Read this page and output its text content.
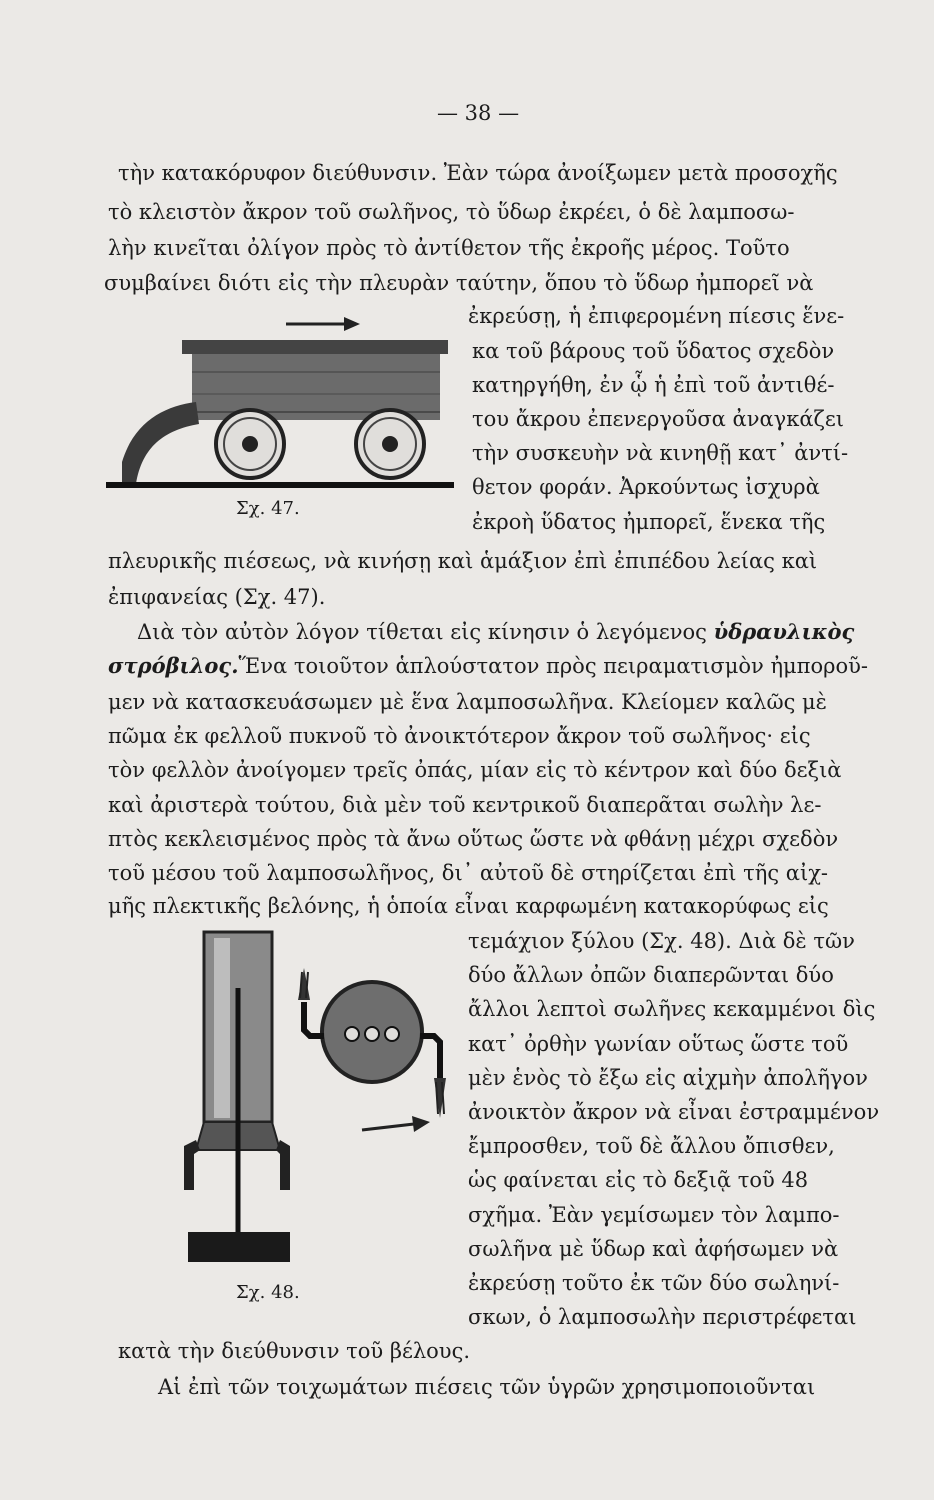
— 38 —
τὴν κατακόρυφον διεύθυνσιν. Ἐὰν τώρα ἀνοίξωμεν μετὰ προσοχῆς
τὸ κλειστὸν ἄκρον τοῦ σωλῆνος, τὸ ὕδωρ ἐκρέει, ὁ δὲ λαμποσω-
λὴν κινεῖται ὀλίγον πρὸς τὸ ἀντίθετον τῆς ἐκροῆς μέρος. Τοῦτο
συμβαίνει διότι εἰς τὴν πλευρὰν ταύτην, ὅπου τὸ ὕδωρ ἠμπορεῖ νὰ
ἐκρεύσῃ, ἡ ἐπιφερομένη πίεσις ἕνε-
κα τοῦ βάρους τοῦ ὕδατος σχεδὸν
κατηργήθη, ἐν ᾧ ἡ ἐπὶ τοῦ ἀντιθέ-
του ἄκρου ἐπενεργοῦσα ἀναγκάζει
τὴν συσκευὴν νὰ κινηθῇ κατ᾽ ἀντί-
θετον φοράν. Ἀρκούντως ἰσχυρὰ
ἐκροὴ ὕδατος ἠμπορεῖ, ἕνεκα τῆς
πλευρικῆς πιέσεως, νὰ κινήσῃ καὶ ἁμάξιον ἐπὶ ἐπιπέδου λείας καὶ
ἐπιφανείας (Σχ. 47).
Διὰ τὸν αὐτὸν λόγον τίθεται εἰς κίνησιν ὁ λεγόμενος ὑδραυλικὸς
στρόβιλος.Ἕνα τοιοῦτον ἁπλούστατον πρὸς πειραματισμὸν ἠμποροῦ-
μεν νὰ κατασκευάσωμεν μὲ ἕνα λαμποσωλῆνα. Κλείομεν καλῶς μὲ
πῶμα ἐκ φελλοῦ πυκνοῦ τὸ ἀνοικτότερον ἄκρον τοῦ σωλῆνος· εἰς
τὸν φελλὸν ἀνοίγομεν τρεῖς ὀπάς, μίαν εἰς τὸ κέντρον καὶ δύο δεξιὰ
καὶ ἀριστερὰ τούτου, διὰ μὲν τοῦ κεντρικοῦ διαπερᾶται σωλὴν λε-
πτὸς κεκλεισμένος πρὸς τὰ ἄνω οὕτως ὥστε νὰ φθάνῃ μέχρι σχεδὸν
τοῦ μέσου τοῦ λαμποσωλῆνος, δι᾽ αὐτοῦ δὲ στηρίζεται ἐπὶ τῆς αἰχ-
μῆς πλεκτικῆς βελόνης, ἡ ὁποία εἶναι καρφωμένη κατακορύφως εἰς
τεμάχιον ξύλου (Σχ. 48). Διὰ δὲ τῶν
δύο ἄλλων ὀπῶν διαπερῶνται δύο
ἄλλοι λεπτοὶ σωλῆνες κεκαμμένοι δὶς
κατ᾽ ὀρθὴν γωνίαν οὕτως ὥστε τοῦ
μὲν ἑνὸς τὸ ἔξω εἰς αἰχμὴν ἀπολῆγον
ἀνοικτὸν ἄκρον νὰ εἶναι ἐστραμμένον
ἔμπροσθεν, τοῦ δὲ ἄλλου ὄπισθεν,
ὡς φαίνεται εἰς τὸ δεξιᾷ τοῦ 48
σχῆμα. Ἐὰν γεμίσωμεν τὸν λαμπο-
σωλῆνα μὲ ὕδωρ καὶ ἀφήσωμεν νὰ
ἐκρεύσῃ τοῦτο ἐκ τῶν δύο σωληνί-
σκων, ὁ λαμποσωλὴν περιστρέφεται
κατὰ τὴν διεύθυνσιν τοῦ βέλους.
Αἱ ἐπὶ τῶν τοιχωμάτων πιέσεις τῶν ὑγρῶν χρησιμοποιοῦνται
Σχ. 47.
Σχ. 48.
